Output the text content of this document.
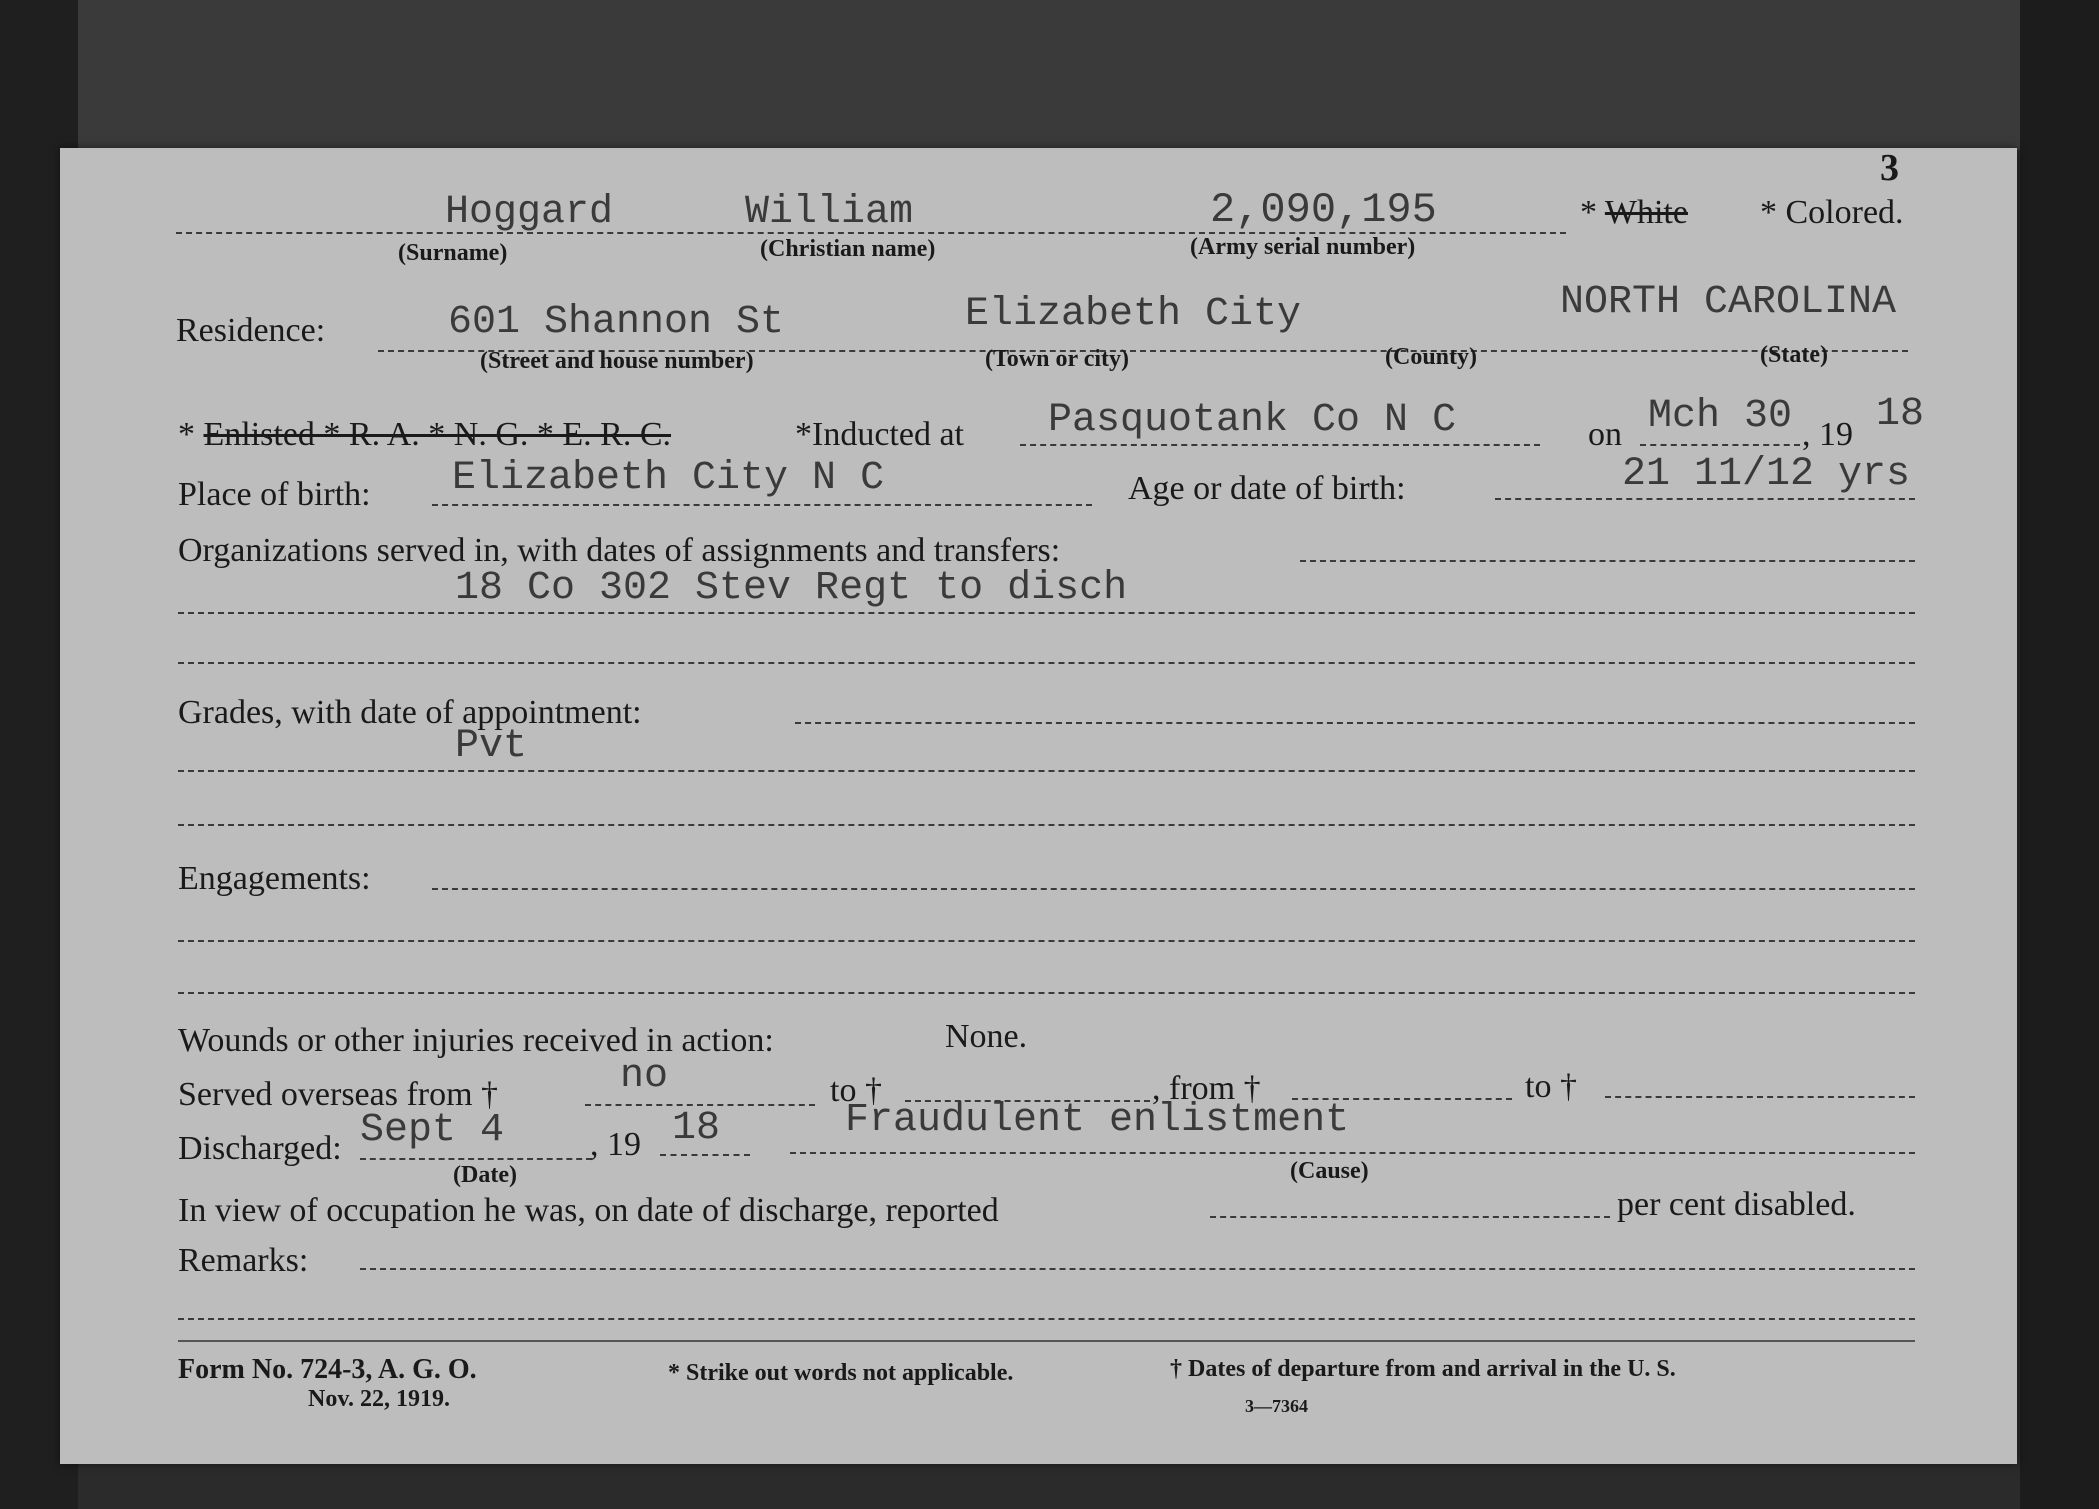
3
Hoggard	William	2,090,195	* White * Colored.
(Surname)	(Christian name)	(Army serial number)
Residence:	601 Shannon St	Elizabeth City	NORTH CAROLINA
(Street and house number)	(Town or city)	(County)	(State)
* Enlisted * R. A. * N. G. * E. R. C.	*Inducted at Pasquotank Co N C	on Mch 30 , 19 18
Place of birth: Elizabeth City N C	Age or date of birth:	21 11/12 yrs
Organizations served in, with dates of assignments and transfers:
18 Co 302 Stev Regt to disch
Grades, with date of appointment:
Pvt
Engagements:
Wounds or other injuries received in action:	None.
Served overseas from †	no	to †	, from †	to †
Discharged: Sept 4	, 19 18	Fraudulent enlistment
(Date)	(Cause)
In view of occupation he was, on date of discharge, reported	per cent disabled.
Remarks:
Form No. 724-3, A. G. O.
Nov. 22, 1919.
* Strike out words not applicable.	† Dates of departure from and arrival in the U. S.
3—7364
